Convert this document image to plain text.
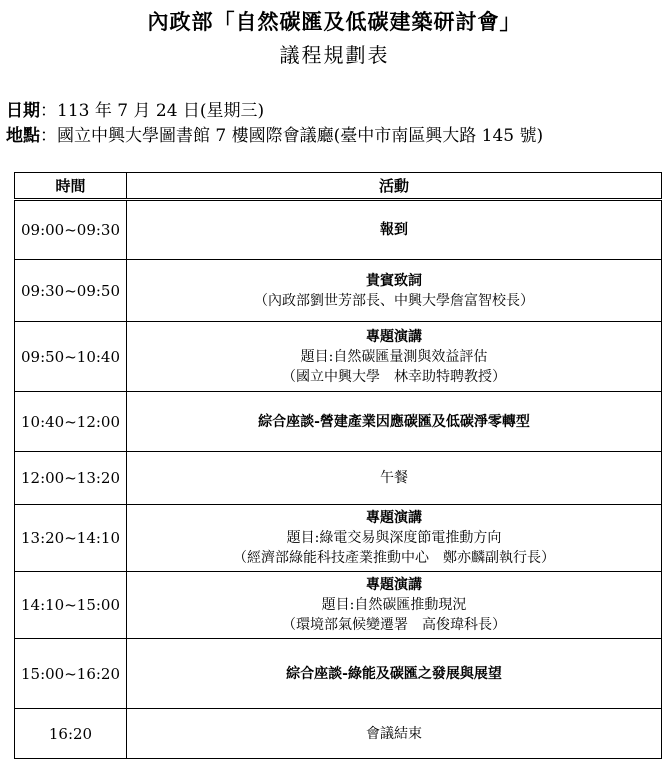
內政部「自然碳匯及低碳建築研討會」
議程規劃表
日期：113 年 7 月 24 日(星期三)
地點：國立中興大學圖書館 7 樓國際會議廳(臺中市南區興大路 145 號)
時間	活動
09:00~09:30	報到

09:30~09:50	貴賓致詞
（內政部劉世芳部長、中興大學詹富智校長）

09:50~10:40	專題演講
題目:自然碳匯量測與效益評估
（國立中興大學　林幸助特聘教授）

10:40~12:00	綜合座談-營建產業因應碳匯及低碳淨零轉型

12:00~13:20	午餐

13:20~14:10	專題演講
題目:綠電交易與深度節電推動方向
（經濟部綠能科技產業推動中心　鄭亦麟副執行長）

14:10~15:00	專題演講
題目:自然碳匯推動現況
（環境部氣候變遷署　高俊瑋科長）

15:00~16:20	綜合座談-綠能及碳匯之發展與展望

16:20	會議結束
